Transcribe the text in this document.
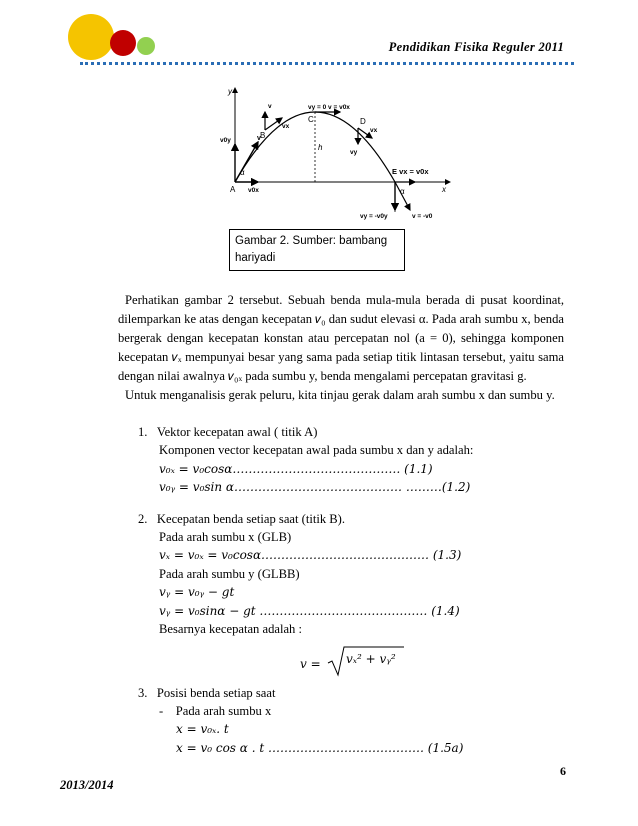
Pendidikan Fisika Reguler 2011
y
x
A
α
v0y
v0x
v B
v
vx
C
vy = 0 v = v0x
h
D
vx
vy
E vx = v0x
α
vy = -v0y	v = -v0
Gambar 2. Sumber: bambang hariyadi
Perhatikan gambar 2 tersebut. Sebuah benda mula-mula berada di pusat koordinat, dilemparkan ke atas dengan kecepatan 𝑣₀ dan sudut elevasi α. Pada arah sumbu x, benda bergerak dengan kecepatan konstan atau percepatan nol (a = 0), sehingga komponen kecepatan 𝑣ₓ mempunyai besar yang sama pada setiap titik lintasan tersebut, yaitu sama dengan nilai awalnya 𝑣₀ₓ pada sumbu y, benda mengalami percepatan gravitasi g.
Untuk menganalisis gerak peluru, kita tinjau gerak dalam arah sumbu x dan sumbu y.
1.   Vektor kecepatan awal ( titik A)
Komponen vector kecepatan awal pada sumbu x dan y adalah:
𝑣₀ₓ = 𝑣₀𝑐𝑜𝑠𝛼…………………………………… (1.1)
𝑣₀ᵧ = 𝑣₀𝑠𝑖𝑛 𝛼…………………………………… ………(1.2)
2.   Kecepatan benda setiap saat (titik B).
Pada arah sumbu x (GLB)
𝑣ₓ = 𝑣₀ₓ = 𝑣₀𝑐𝑜𝑠𝛼…………………………………… (1.3)
Pada arah sumbu y (GLBB)
𝑣ᵧ = 𝑣₀ᵧ − 𝑔𝑡
𝑣ᵧ = 𝑣₀𝑠𝑖𝑛𝛼 − 𝑔𝑡 …………………………………… (1.4)
Besarnya kecepatan adalah :
𝑣 = 𝑣ₓ² + 𝑣ᵧ²
3.   Posisi benda setiap saat
-    Pada arah sumbu x
𝑥 = 𝑣₀ₓ. 𝑡
𝑥 = 𝑣₀ cos 𝛼 . 𝑡 ………………………………… (1.5a)
6
2013/2014
